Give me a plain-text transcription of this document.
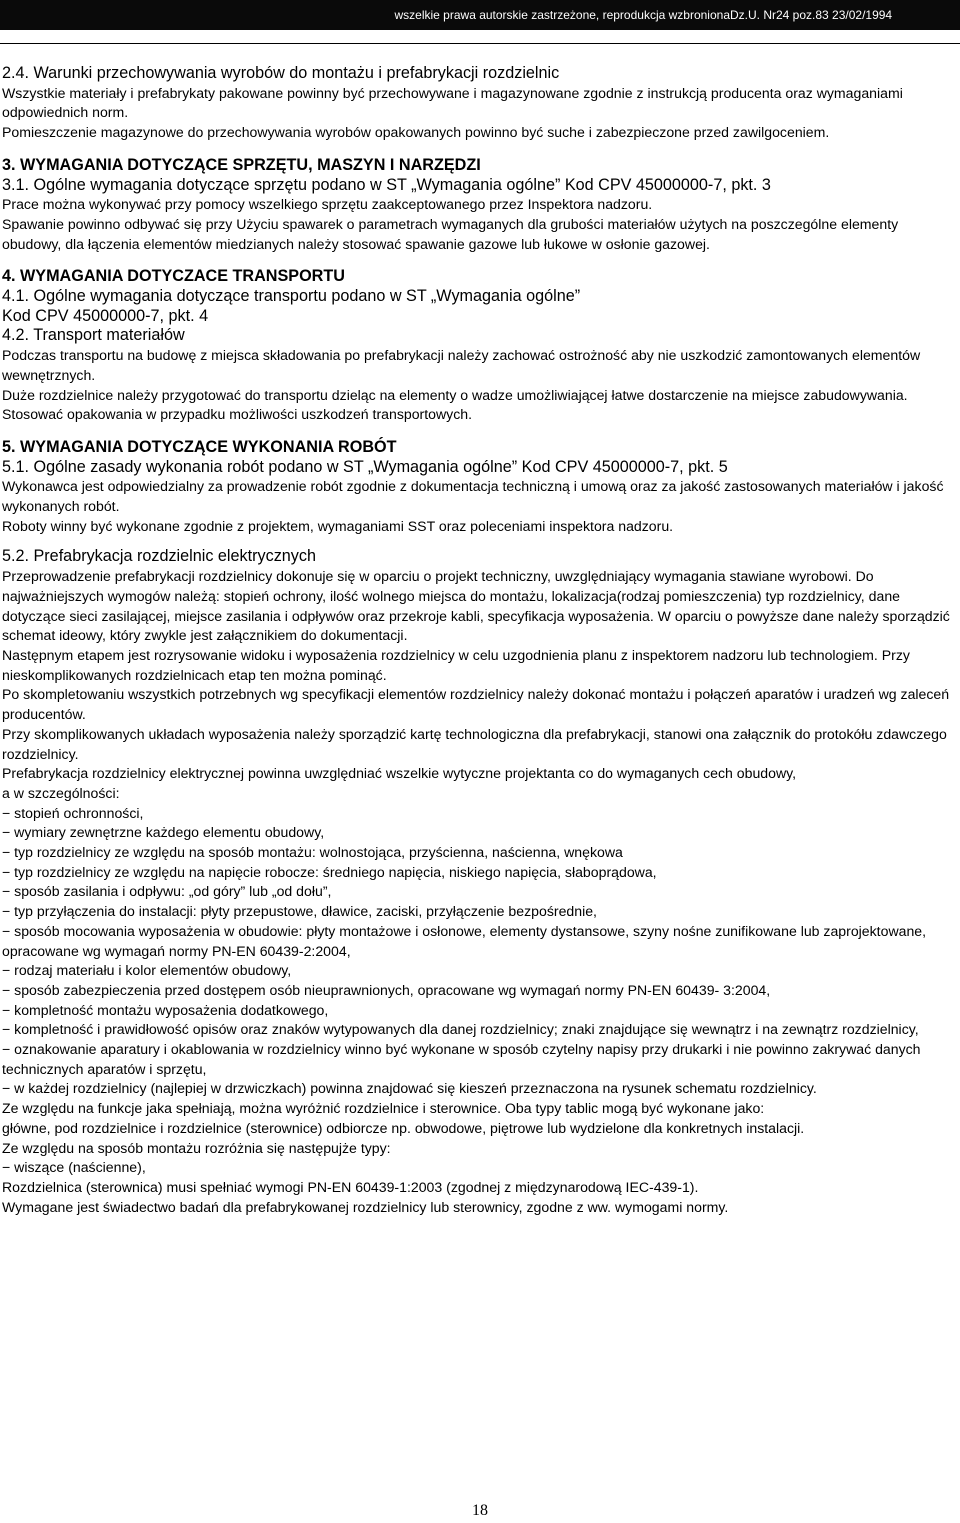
wszelkie prawa autorskie zastrzeżone, reprodukcja wzbroniona Dz.U. Nr24 poz.83 23/02/1994

2.4. Warunki przechowywania wyrobów do montażu i prefabrykacji rozdzielnic

Wszystkie materiały i prefabrykaty pakowane powinny być przechowywane i magazynowane zgodnie z instrukcją producenta oraz wymaganiami odpowiednich norm.

Pomieszczenie magazynowe do przechowywania wyrobów opakowanych powinno być suche i zabezpieczone przed zawilgoceniem.

3. WYMAGANIA DOTYCZĄCE SPRZĘTU, MASZYN I NARZĘDZI

3.1. Ogólne wymagania dotyczące sprzętu podano w ST „Wymagania ogólne” Kod CPV 45000000-7, pkt. 3

Prace można wykonywać przy pomocy wszelkiego sprzętu zaakceptowanego przez Inspektora nadzoru.

Spawanie powinno odbywać się przy Użyciu spawarek o parametrach wymaganych dla grubości materiałów użytych na poszczególne elementy obudowy, dla łączenia elementów miedzianych należy stosować spawanie gazowe lub łukowe w osłonie gazowej.

4. WYMAGANIA DOTYCZACE TRANSPORTU

4.1. Ogólne wymagania dotyczące transportu podano w ST „Wymagania ogólne”

Kod CPV 45000000-7, pkt. 4

4.2. Transport materiałów

Podczas transportu na budowę z miejsca składowania po prefabrykacji należy zachować ostrożność aby nie uszkodzić zamontowanych elementów wewnętrznych.

Duże rozdzielnice należy przygotować do transportu dzieląc na elementy o wadze umożliwiającej łatwe dostarczenie na miejsce zabudowywania. Stosować opakowania w przypadku możliwości uszkodzeń transportowych.

5. WYMAGANIA DOTYCZĄCE WYKONANIA ROBÓT

5.1. Ogólne zasady wykonania robót podano w ST „Wymagania ogólne” Kod CPV 45000000-7, pkt. 5

Wykonawca jest odpowiedzialny za prowadzenie robót zgodnie z dokumentacja techniczną i umową oraz za jakość zastosowanych materiałów i jakość wykonanych robót.

Roboty winny być wykonane zgodnie z projektem, wymaganiami SST oraz poleceniami inspektora nadzoru.

5.2. Prefabrykacja rozdzielnic elektrycznych

Przeprowadzenie prefabrykacji rozdzielnicy dokonuje się w oparciu o projekt techniczny, uwzględniający wymagania stawiane wyrobowi. Do najważniejszych wymogów należą: stopień ochrony, ilość wolnego miejsca do montażu, lokalizacja(rodzaj pomieszczenia) typ rozdzielnicy, dane dotyczące sieci zasilającej, miejsce zasilania i odpływów oraz przekroje kabli, specyfikacja wyposażenia. W oparciu o powyższe dane należy sporządzić schemat ideowy, który zwykle jest załącznikiem do dokumentacji.

Następnym etapem jest rozrysowanie widoku i wyposażenia rozdzielnicy w celu uzgodnienia planu z inspektorem nadzoru lub technologiem. Przy nieskomplikowanych rozdzielnicach etap ten można pominąć.

Po skompletowaniu wszystkich potrzebnych wg specyfikacji elementów rozdzielnicy należy dokonać montażu i połączeń aparatów i uradzeń wg zaleceń producentów.

Przy skomplikowanych układach wyposażenia należy sporządzić kartę technologiczna dla prefabrykacji, stanowi ona załącznik do protokółu zdawczego rozdzielnicy.

Prefabrykacja rozdzielnicy elektrycznej powinna uwzględniać wszelkie wytyczne projektanta co do wymaganych cech obudowy,

a w szczególności:

− stopień ochronności,

− wymiary zewnętrzne każdego elementu obudowy,

− typ rozdzielnicy ze względu na sposób montażu: wolnostojąca, przyścienna, naścienna, wnękowa

− typ rozdzielnicy ze względu na napięcie robocze: średniego napięcia, niskiego napięcia, słaboprądowa,

− sposób zasilania i odpływu: „od góry” lub „od dołu”,

− typ przyłączenia do instalacji: płyty przepustowe, dławice, zaciski, przyłączenie bezpośrednie,

− sposób mocowania wyposażenia w obudowie: płyty montażowe i osłonowe, elementy dystansowe, szyny nośne zunifikowane lub zaprojektowane, opracowane wg wymagań normy PN-EN 60439-2:2004,

− rodzaj materiału i kolor elementów obudowy,

− sposób zabezpieczenia przed dostępem osób nieuprawnionych, opracowane wg wymagań normy PN-EN 60439- 3:2004,

− kompletność montażu wyposażenia dodatkowego,

− kompletność i prawidłowość opisów oraz znaków wytypowanych dla danej rozdzielnicy; znaki znajdujące się wewnątrz i na zewnątrz rozdzielnicy,

− oznakowanie aparatury i okablowania w rozdzielnicy winno być wykonane w sposób czytelny napisy przy drukarki i nie powinno zakrywać danych technicznych aparatów i sprzętu,

− w każdej rozdzielnicy (najlepiej w drzwiczkach) powinna znajdować się kieszeń przeznaczona na rysunek schematu rozdzielnicy.

Ze względu na funkcje jaka spełniają, można wyróżnić rozdzielnice i sterownice. Oba typy tablic mogą być wykonane jako:

główne, pod rozdzielnice i rozdzielnice (sterownice) odbiorcze np. obwodowe, piętrowe lub wydzielone dla konkretnych instalacji.

Ze względu na sposób montażu rozróżnia się następujże typy:

− wiszące (naścienne),

Rozdzielnica (sterownica) musi spełniać wymogi PN-EN 60439-1:2003 (zgodnej z międzynarodową IEC-439-1).

Wymagane jest świadectwo badań dla prefabrykowanej rozdzielnicy lub sterownicy, zgodne z ww. wymogami normy.

18
